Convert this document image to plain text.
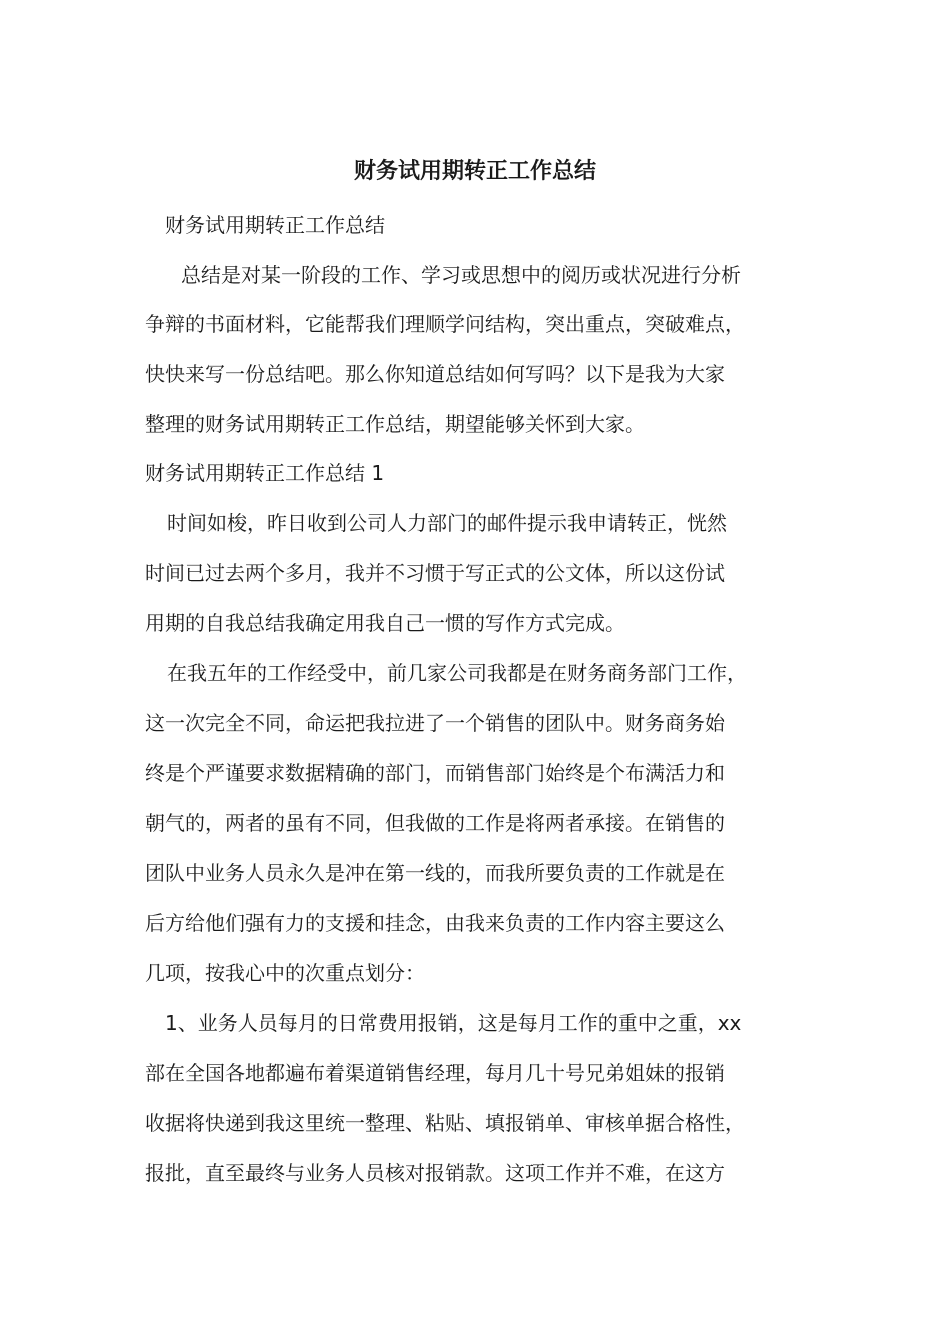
财务试用期转正工作总结
财务试用期转正工作总结
总结是对某一阶段的工作、学习或思想中的阅历或状况进行分析
争辩的书面材料，它能帮我们理顺学问结构，突出重点，突破难点，
快快来写一份总结吧。那么你知道总结如何写吗？以下是我为大家
整理的财务试用期转正工作总结，期望能够关怀到大家。
财务试用期转正工作总结 1
时间如梭，昨日收到公司人力部门的邮件提示我申请转正，恍然
时间已过去两个多月，我并不习惯于写正式的公文体，所以这份试
用期的自我总结我确定用我自己一惯的写作方式完成。
在我五年的工作经受中，前几家公司我都是在财务商务部门工作，
这一次完全不同，命运把我拉进了一个销售的团队中。财务商务始
终是个严谨要求数据精确的部门，而销售部门始终是个布满活力和
朝气的，两者的虽有不同，但我做的工作是将两者承接。在销售的
团队中业务人员永久是冲在第一线的，而我所要负责的工作就是在
后方给他们强有力的支援和挂念，由我来负责的工作内容主要这么
几项，按我心中的次重点划分：
1、业务人员每月的日常费用报销，这是每月工作的重中之重，xx
部在全国各地都遍布着渠道销售经理，每月几十号兄弟姐妹的报销
收据将快递到我这里统一整理、粘贴、填报销单、审核单据合格性，
报批，直至最终与业务人员核对报销款。这项工作并不难，在这方
